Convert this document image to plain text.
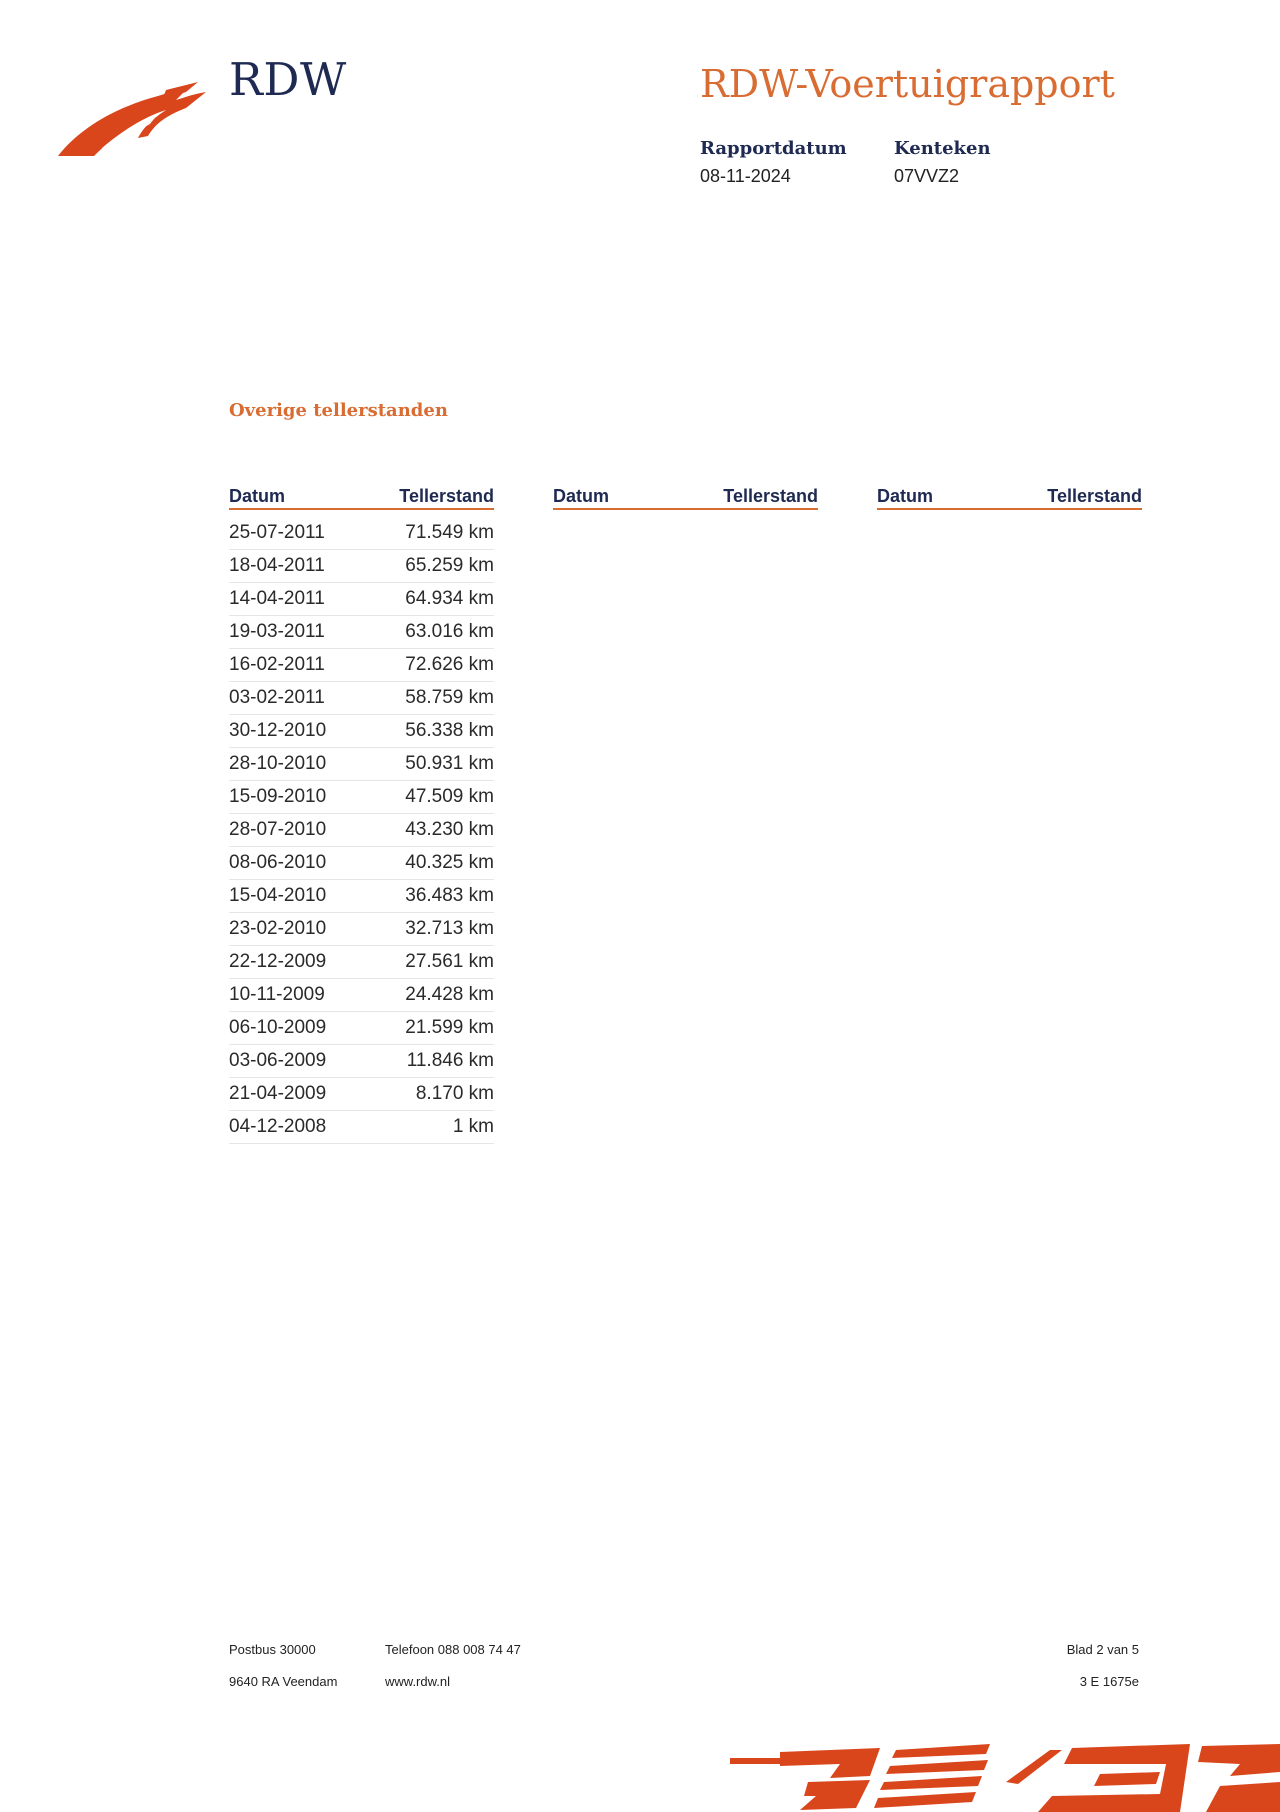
RDW	RDW-Voertuigrapport
Rapportdatum
08-11-2024
Kenteken
07VVZ2
Overige tellerstanden
Datum	Tellerstand	Datum	Tellerstand	Datum	Tellerstand
25-07-2011	71.549 km
18-04-2011	65.259 km
14-04-2011	64.934 km
19-03-2011	63.016 km
16-02-2011	72.626 km
03-02-2011	58.759 km
30-12-2010	56.338 km
28-10-2010	50.931 km
15-09-2010	47.509 km
28-07-2010	43.230 km
08-06-2010	40.325 km
15-04-2010	36.483 km
23-02-2010	32.713 km
22-12-2009	27.561 km
10-11-2009	24.428 km
06-10-2009	21.599 km
03-06-2009	11.846 km
21-04-2009	8.170 km
04-12-2008	1 km
Postbus 30000
9640 RA Veendam
Telefoon 088 008 74 47
www.rdw.nl
Blad 2 van 5
3 E 1675e
